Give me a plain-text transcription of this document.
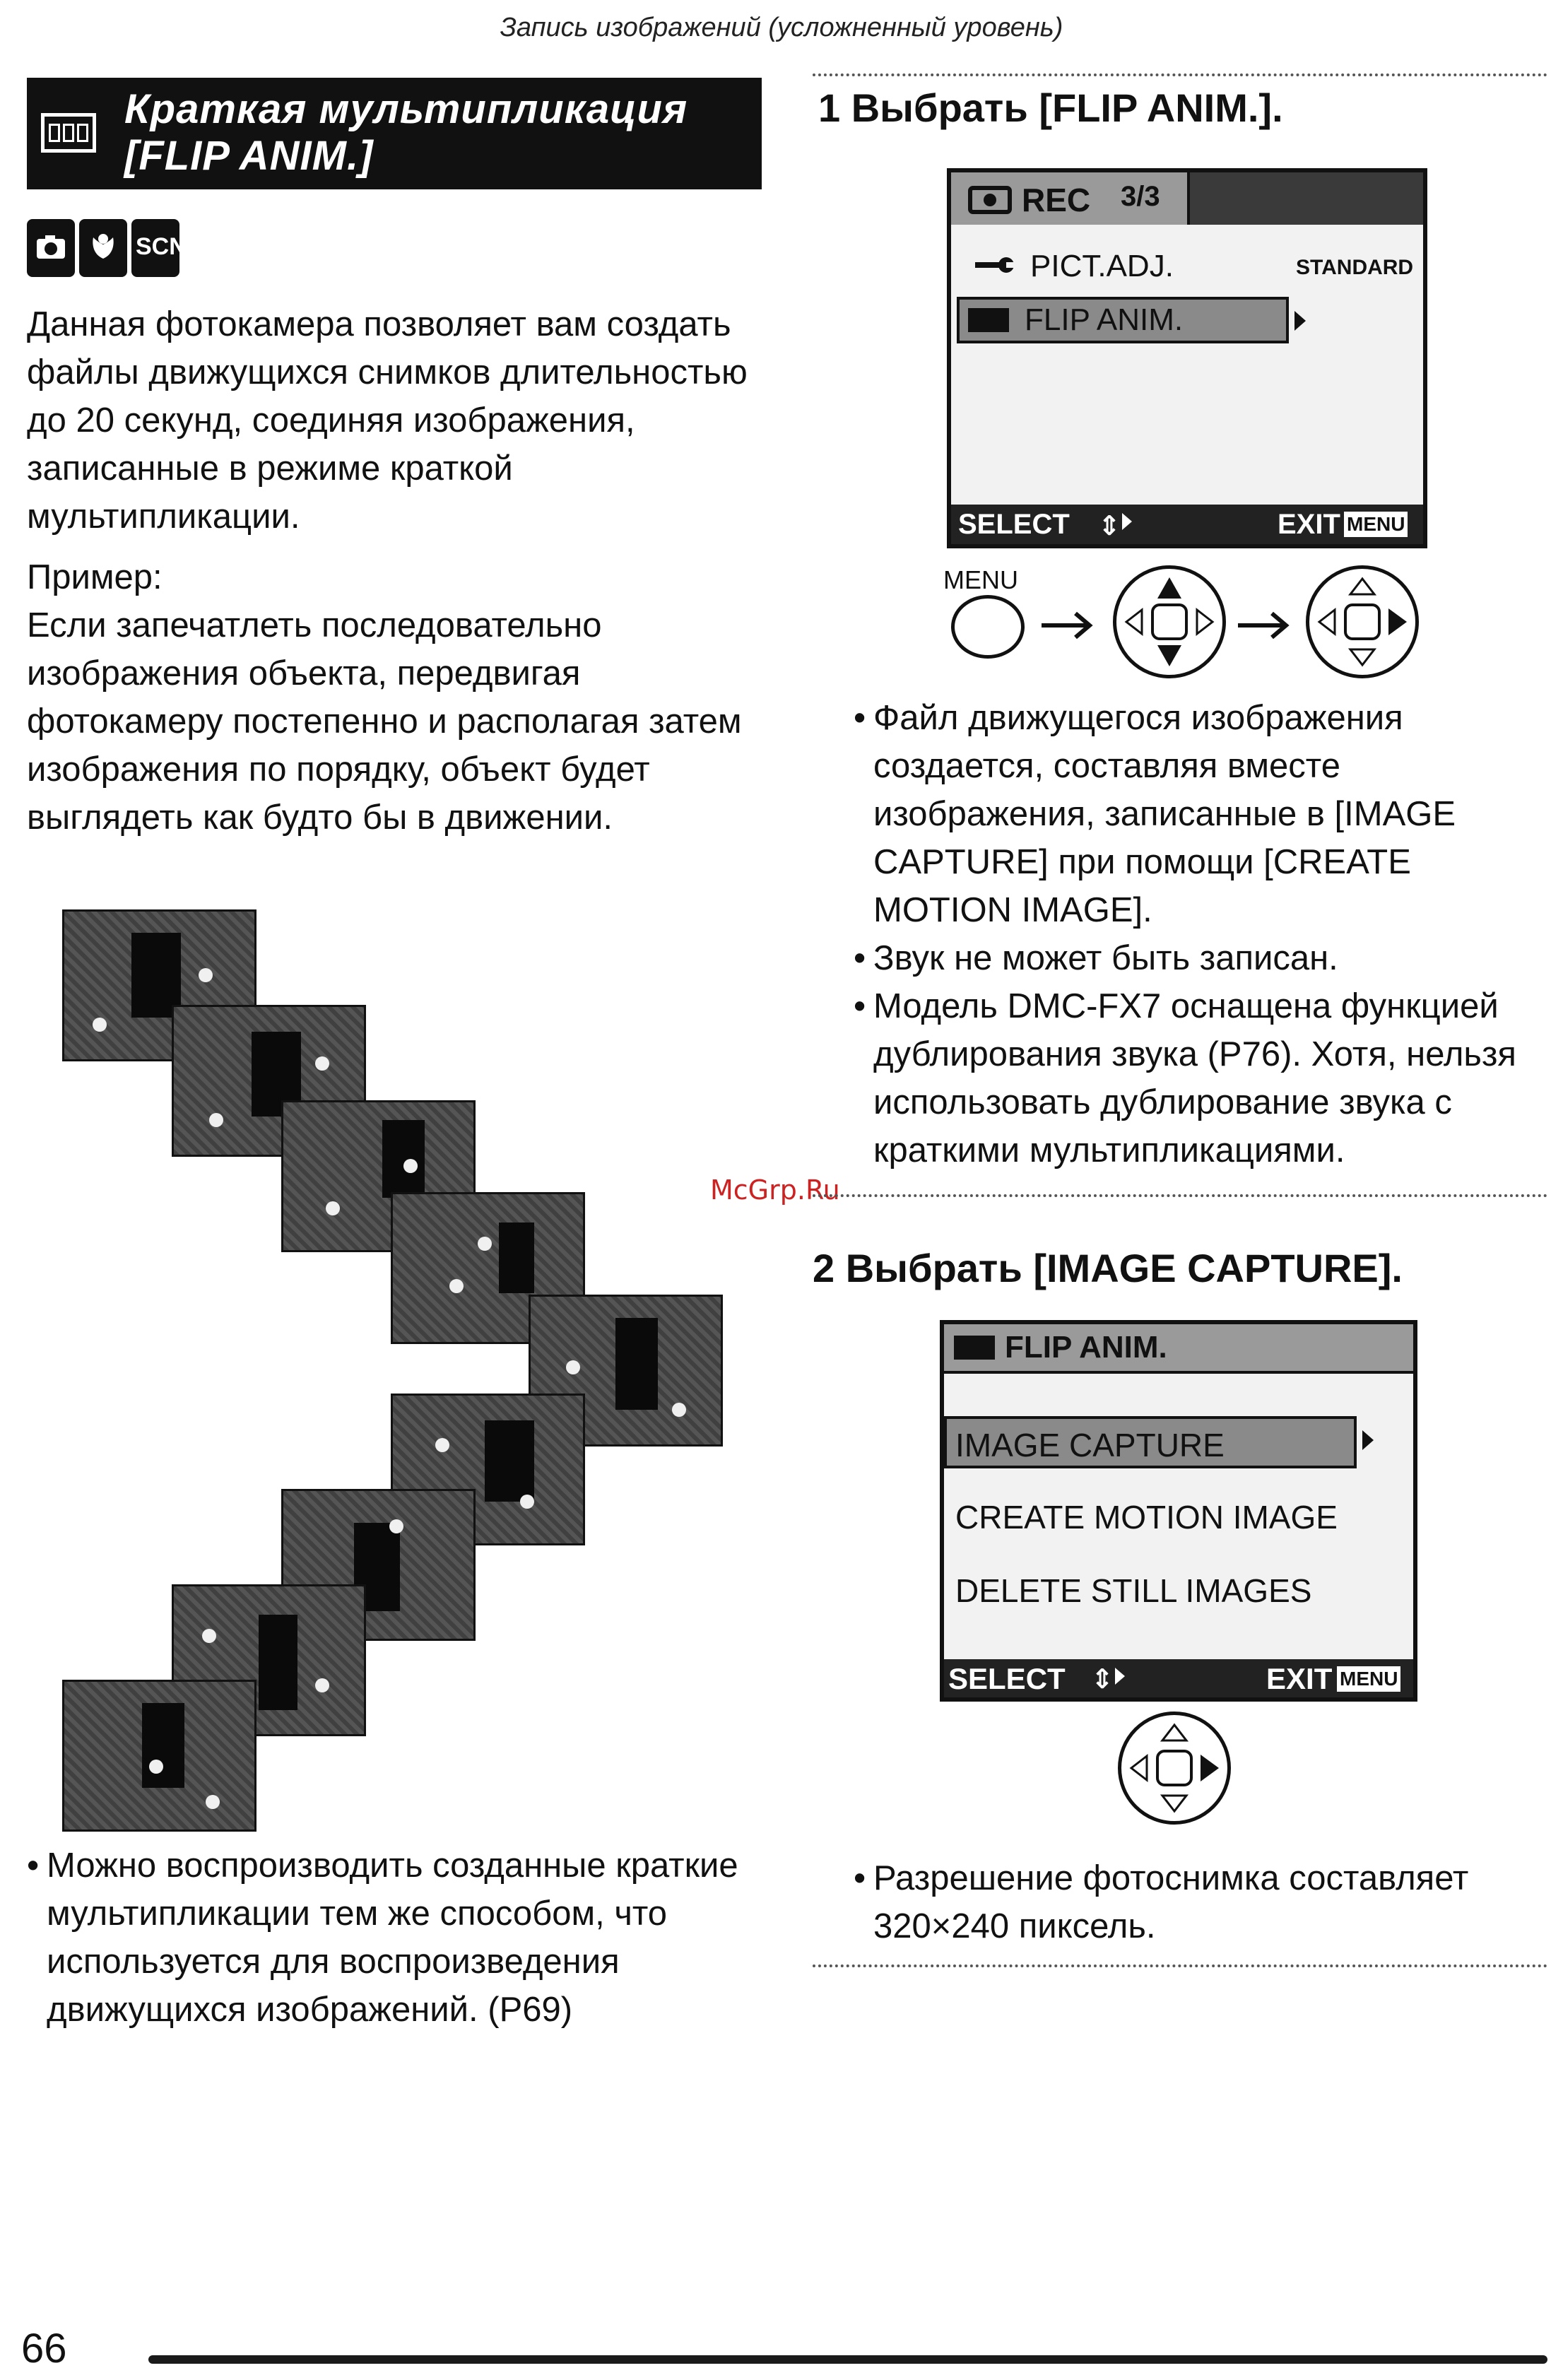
Запись изображений (усложненный уровень)
Краткая мультипликация
[FLIP ANIM.]
SCN

Данная фотокамера позволяет вам создать файлы движущихся снимков длительностью до 20 секунд, соединяя изображения, записанные в режиме краткой мультипликации.

Пример:

Если запечатлеть последовательно изображения объекта, передвигая фотокамеру постепенно и располагая затем изображения по порядку, объект будет выглядеть как будто бы в движении.

• Можно воспроизводить созданные краткие мультипликации тем же способом, что используется для воспроизведения движущихся изображений. (P69)
McGrp.Ru
1 Выбрать [FLIP ANIM.].
REC 3/3
PICT.ADJ.	STANDARD
FLIP ANIM.
SELECT ⇕	EXIT MENU
MENU
• Файл движущегося изображения создается, составляя вместе изображения, записанные в [IMAGE CAPTURE] при помощи [CREATE MOTION IMAGE].
• Звук не может быть записан.
• Модель DMC-FX7 оснащена функцией дублирования звука (P76). Хотя, нельзя использовать дублирование звука с краткими мультипликациями.
2 Выбрать [IMAGE CAPTURE].
FLIP ANIM.
IMAGE CAPTURE
CREATE MOTION IMAGE
DELETE STILL IMAGES
SELECT ⇕	EXIT MENU
• Разрешение фотоснимка составляет 320×240 пиксель.
66
